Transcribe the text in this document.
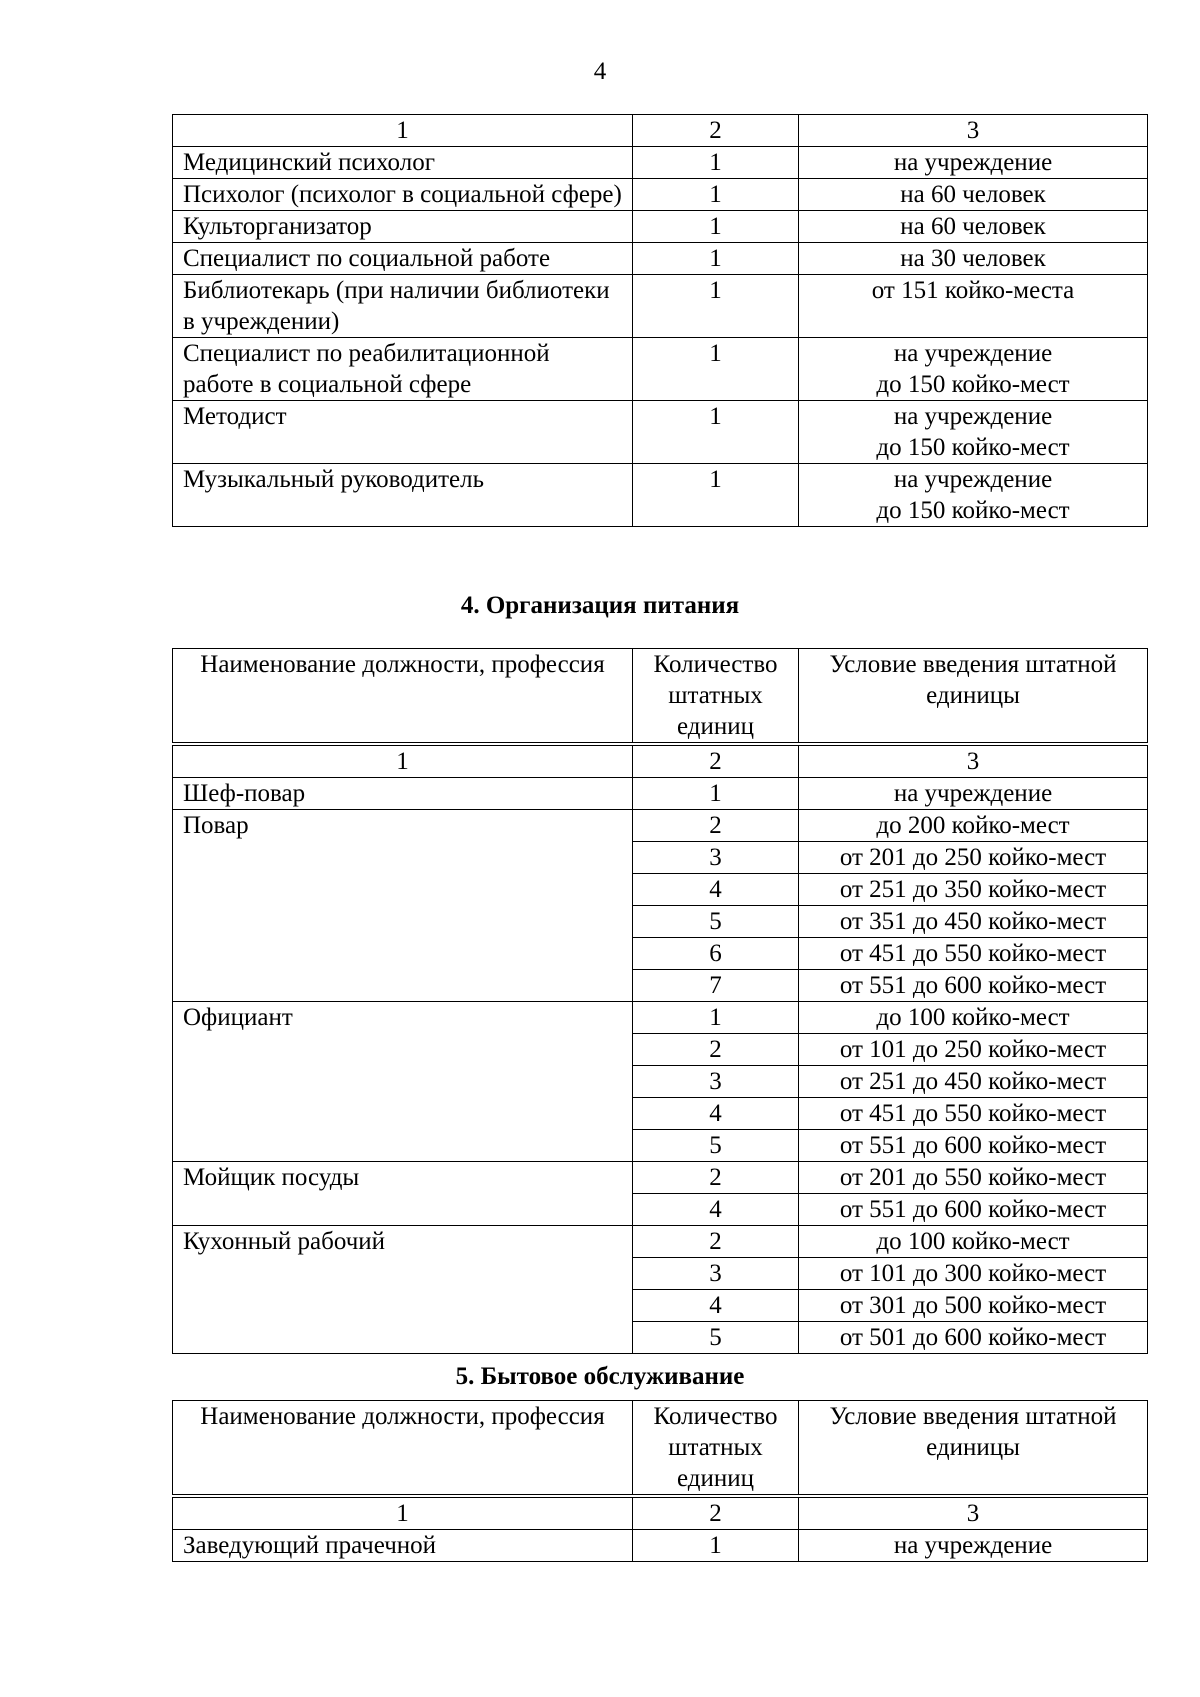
4
1	2	3
Медицинский психолог	1	на учреждение
Психолог (психолог в социальной сфере)	1	на 60 человек
Культорганизатор	1	на 60 человек
Специалист по социальной работе	1	на 30 человек
Библиотекарь (при наличии библиотеки в учреждении)	1	от 151 койко-места
Специалист по реабилитационной работе в социальной сфере	1	на учреждение
до 150 койко-мест

Методист	1	на учреждение
до 150 койко-мест

Музыкальный руководитель	1	на учреждение
до 150 койко-мест
4. Организация питания
Наименование должности, профессия	Количество штатных единиц	Условие введения штатной единицы
1	2	3
Шеф-повар	1	на учреждение
Повар	2	до 200 койко-мест
	3	от 201 до 250 койко-мест
	4	от 251 до 350 койко-мест
	5	от 351 до 450 койко-мест
	6	от 451 до 550 койко-мест
	7	от 551 до 600 койко-мест
Официант	1	до 100 койко-мест
	2	от 101 до 250 койко-мест
	3	от 251 до 450 койко-мест
	4	от 451 до 550 койко-мест
	5	от 551 до 600 койко-мест
Мойщик посуды	2	от 201 до 550 койко-мест
	4	от 551 до 600 койко-мест
Кухонный рабочий	2	до 100 койко-мест
	3	от 101 до 300 койко-мест
	4	от 301 до 500 койко-мест
	5	от 501 до 600 койко-мест
5. Бытовое обслуживание
Наименование должности, профессия	Количество штатных единиц	Условие введения штатной единицы
1	2	3
Заведующий прачечной	1	на учреждение
